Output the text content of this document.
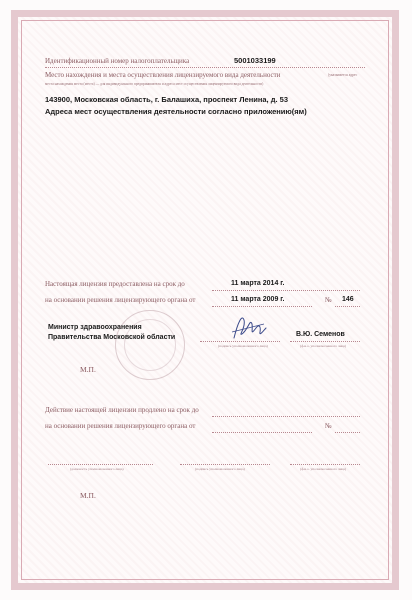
Идентификационный номер налогоплательщика	5001033199
Место нахождения и места осуществления лицензируемого вида деятельности	(указывается адрес
места нахождения места (места) — для индивидуального предпринимателя и адреса мест осуществления лицензируемого вида деятельности)
143900, Московская область, г. Балашиха, проспект Ленина, д. 53
Адреса мест осуществления деятельности согласно приложению(ям)
Настоящая лицензия предоставлена на срок до	11 марта 2014 г.
на основании решения лицензирующего органа от	11 марта 2009 г.	№ 146
Министр здравоохранения
Правительства Московской области	В.Ю. Семенов
(подпись уполномоченного лица)	(ф.и.о. уполномоченного лица)
М.П.
Действие настоящей лицензии продлено на срок до
на основании решения лицензирующего органа от	№
(должность уполномоченного лица)	(подпись уполномоченного лица)	(ф.и.о. уполномоченного лица)
М.П.
